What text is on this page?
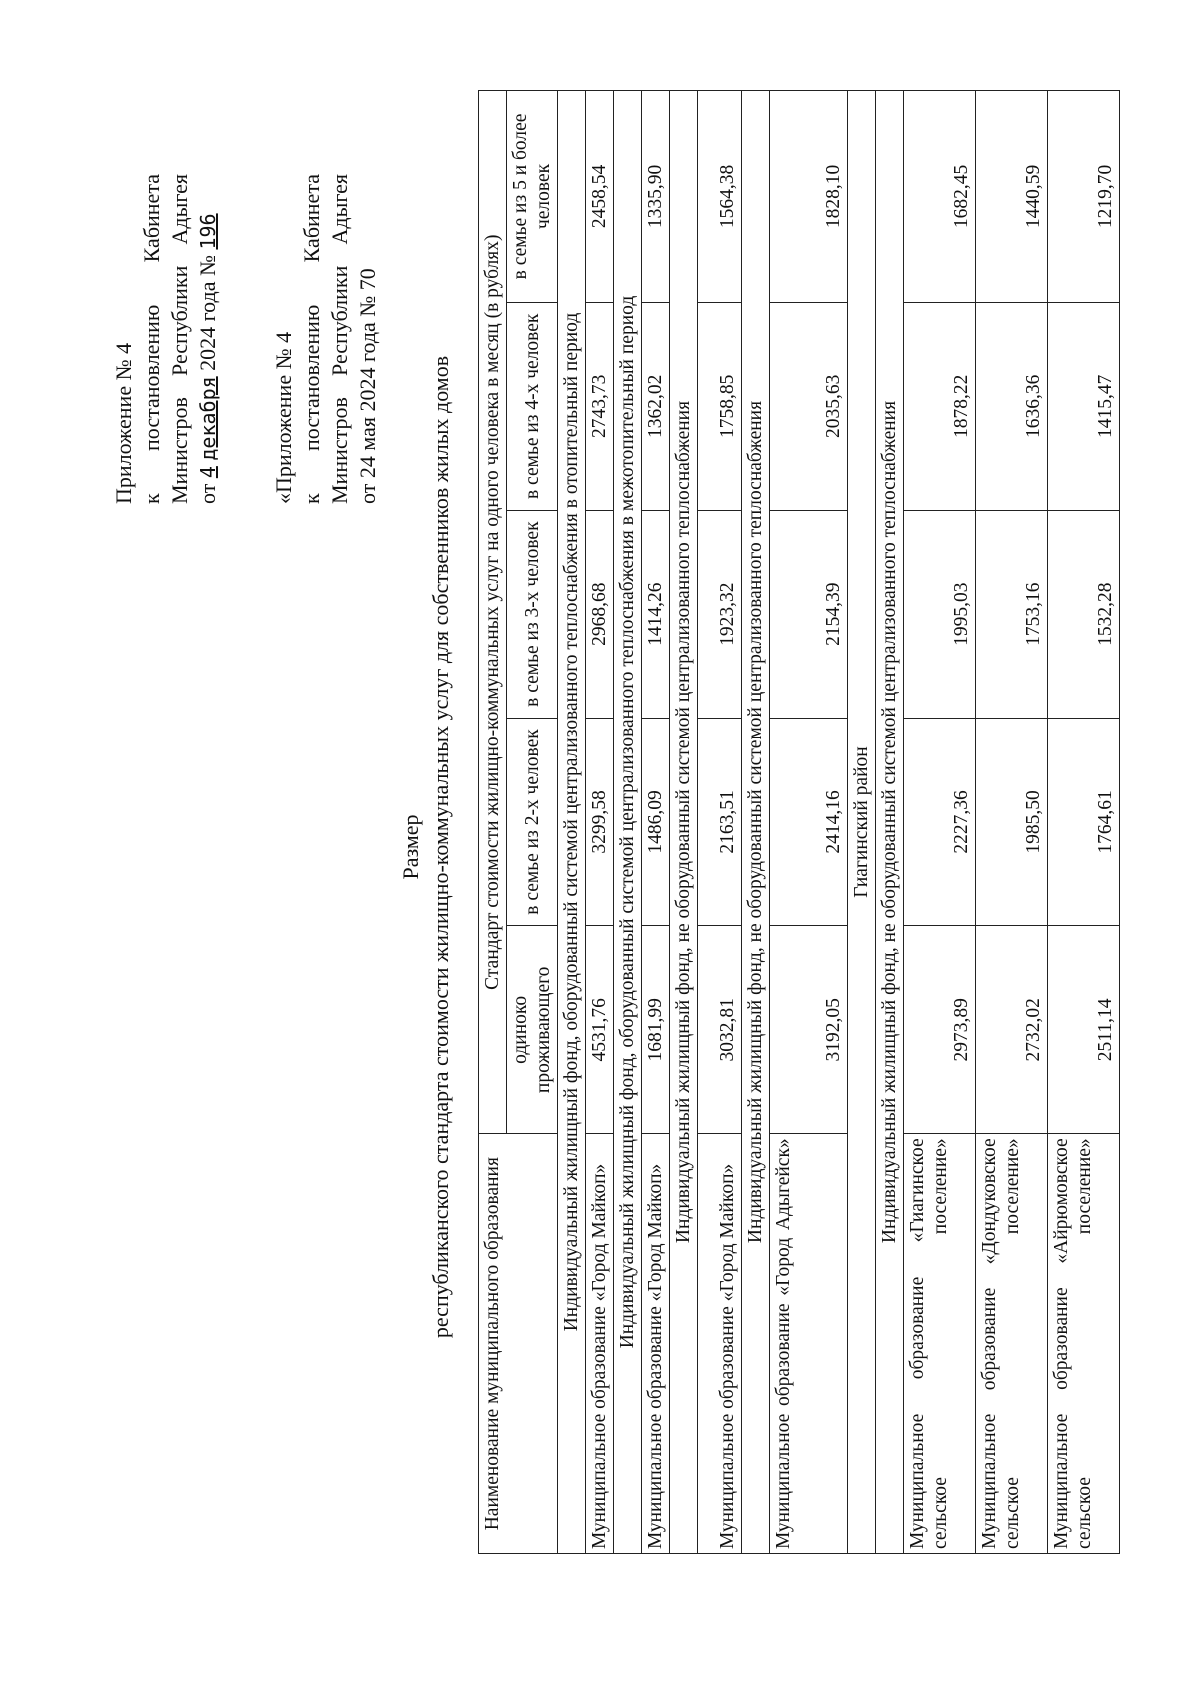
Приложение № 4 к
постановлению
Кабинета
Министров
Республики
Адыгея
от 4 декабря 2024 года № 196
«Приложение № 4 к
постановлению
Кабинета
Министров
Республики
Адыгея
от 24 мая 2024 года № 70
Размер республиканского стандарта стоимости жилищно-коммунальных услуг для собственников жилых домов
Наименование муниципального образования	Стандарт стоимости жилищно-коммунальных услуг на одного человека в месяц (в рублях)				
	одиноко проживающего	в семье из 2-х человек	в семье из 3-х человек	в семье из 4-х человек	в семье из 5 и более человек
Индивидуальный жилищный фонд, оборудованный системой централизованного теплоснабжения в отопительный период					
Муниципальное образование «Город Майкоп»	4531,76	3299,58	2968,68	2743,73	2458,54
Индивидуальный жилищный фонд, оборудованный системой централизованного теплоснабжения в межотопительный период					
Муниципальное образование «Город Майкоп»	1681,99	1486,09	1414,26	1362,02	1335,90
Индивидуальный жилищный фонд, не оборудованный системой централизованного теплоснабжения					
Муниципальное образование «Город Майкоп»	3032,81	2163,51	1923,32	1758,85	1564,38
Индивидуальный жилищный фонд, не оборудованный системой централизованного теплоснабжения					
Муниципальное образование «Город Адыгейск»	3192,05	2414,16	2154,39	2035,63	1828,10
Гиагинский район					
Индивидуальный жилищный фонд, не оборудованный системой централизованного теплоснабжения					
Муниципальное образование «Гиагинское сельское поселение»	2973,89	2227,36	1995,03	1878,22	1682,45
Муниципальное образование «Дондуковское сельское поселение»	2732,02	1985,50	1753,16	1636,36	1440,59
Муниципальное образование «Айрюмовское сельское поселение»	2511,14	1764,61	1532,28	1415,47	1219,70
